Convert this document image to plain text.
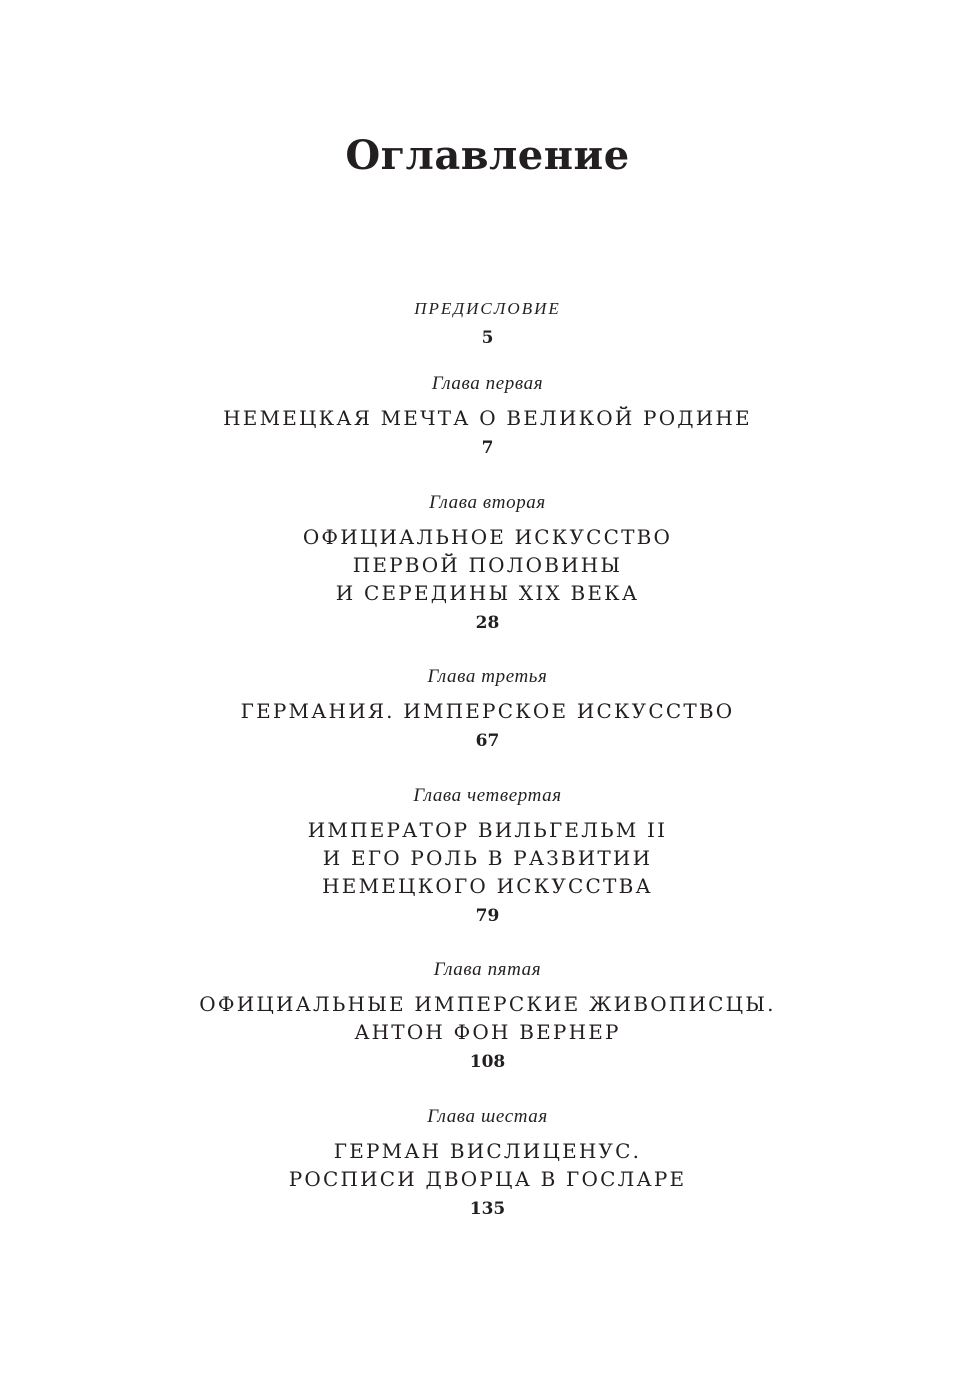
Оглавление
ПРЕДИСЛОВИЕ
5
Глава первая
НЕМЕЦКАЯ МЕЧТА О ВЕЛИКОЙ РОДИНЕ
7
Глава вторая
ОФИЦИАЛЬНОЕ ИСКУССТВО
ПЕРВОЙ ПОЛОВИНЫ
И СЕРЕДИНЫ XIX ВЕКА
28
Глава третья
ГЕРМАНИЯ. ИМПЕРСКОЕ ИСКУССТВО
67
Глава четвертая
ИМПЕРАТОР ВИЛЬГЕЛЬМ II
И ЕГО РОЛЬ В РАЗВИТИИ
НЕМЕЦКОГО ИСКУССТВА
79
Глава пятая
ОФИЦИАЛЬНЫЕ ИМПЕРСКИЕ ЖИВОПИСЦЫ.
АНТОН ФОН ВЕРНЕР
108
Глава шестая
ГЕРМАН ВИСЛИЦЕНУС.
РОСПИСИ ДВОРЦА В ГОСЛАРЕ
135
